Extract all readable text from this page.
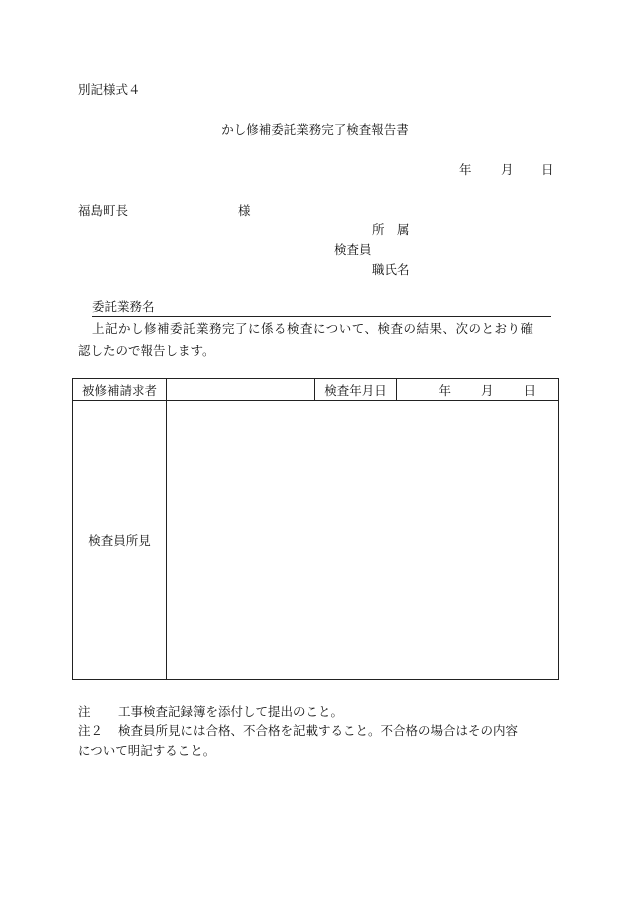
別記様式４
かし修補委託業務完了検査報告書
年 月 日
福島町長	様
所　属
検査員
職氏名
委託業務名
上記かし修補委託業務完了に係る検査について、検査の結果、次のとおり確
認したので報告します。
被修補請求者		検査年月日	年 月 日

検査員所見			
注 工事検査記録簿を添付して提出のこと。
注２ 検査員所見には合格、不合格を記載すること。不合格の場合はその内容
について明記すること。
